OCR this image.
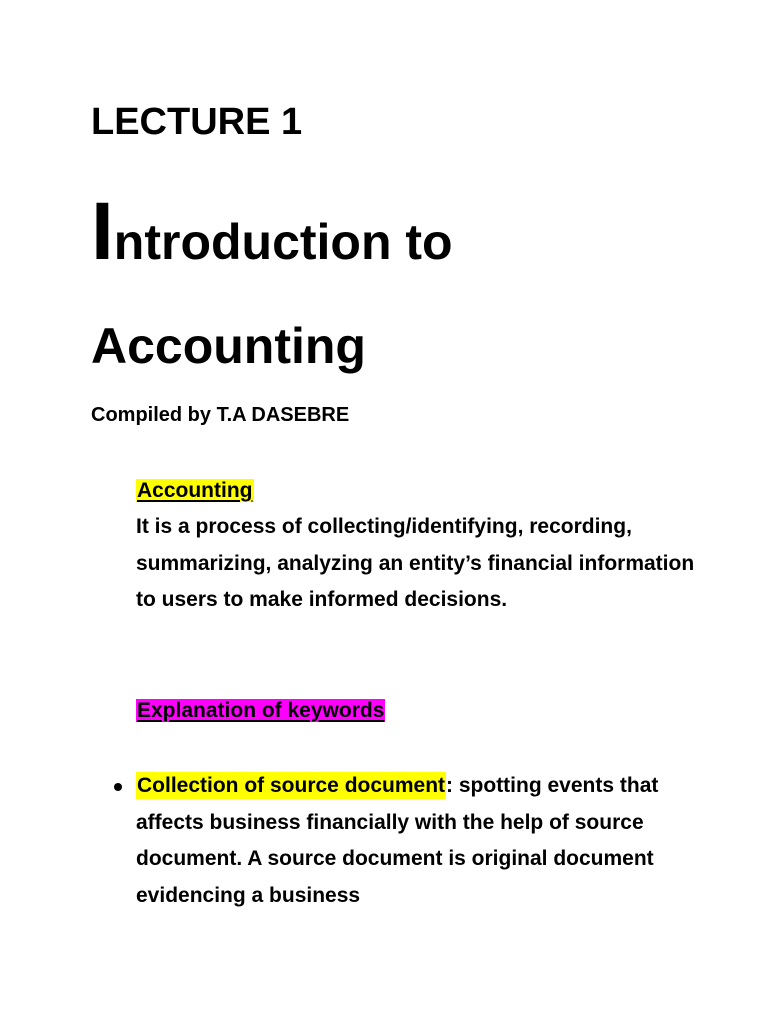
LECTURE 1
Introduction to Accounting

Compiled by T.A DASEBRE

Accounting

It is a process of collecting/identifying, recording, summarizing, analyzing an entity’s financial information to users to make informed decisions.

Explanation of keywords

Collection of source document: spotting events that affects business financially with the help of source document. A source document is original document evidencing a business
